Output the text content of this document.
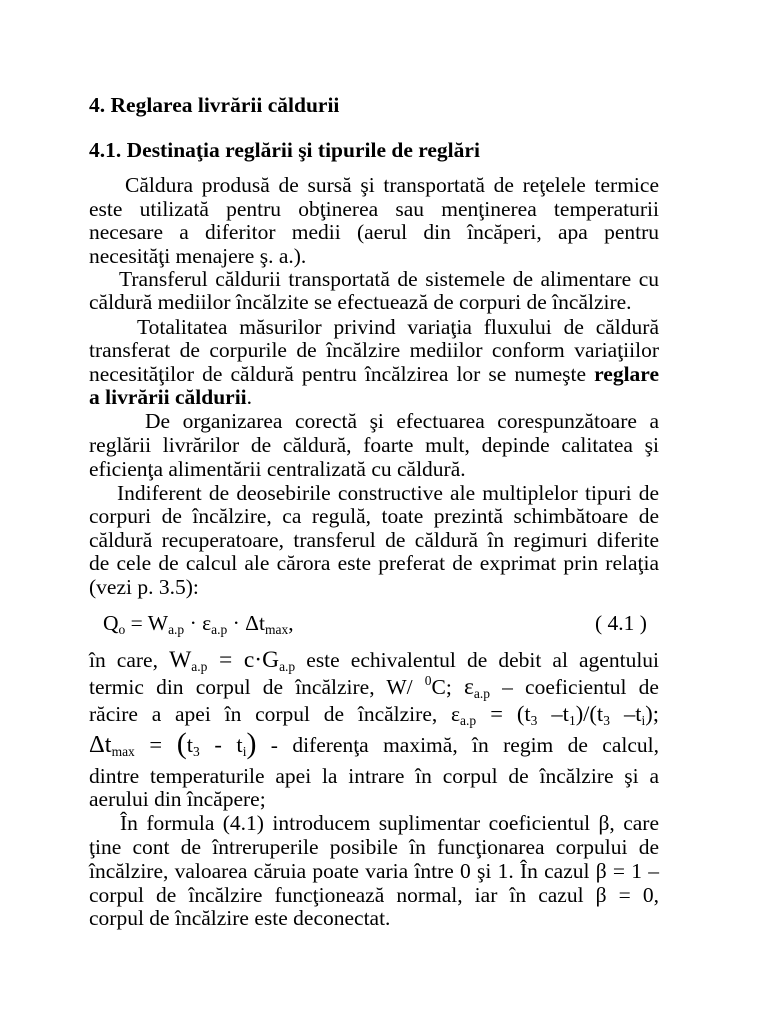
4. Reglarea livrării căldurii
4.1. Destinaţia reglării şi tipurile de reglări
Căldura produsă de sursă şi transportată de reţelele termice
este utilizată pentru obţinerea sau menţinerea temperaturii
necesare a diferitor medii (aerul din încăperi, apa pentru
necesităţi menajere ş. a.).
Transferul căldurii transportată de sistemele de alimentare cu
căldură mediilor încălzite se efectuează de corpuri de încălzire.
Totalitatea măsurilor privind variaţia fluxului de căldură
transferat de corpurile de încălzire mediilor conform variaţiilor
necesităţilor de căldură pentru încălzirea lor se numeşte reglare
a livrării căldurii.
De organizarea corectă şi efectuarea corespunzătoare a
reglării livrărilor de căldură, foarte mult, depinde calitatea şi
eficienţa alimentării centralizată cu căldură.
Indiferent de deosebirile constructive ale multiplelor tipuri de
corpuri de încălzire, ca regulă, toate prezintă schimbătoare de
căldură recuperatoare, transferul de căldură în regimuri diferite
de cele de calcul ale cărora este preferat de exprimat prin relaţia
(vezi p. 3.5):
Qo = Wa.p · εa.p · Δtmax,	( 4.1 )
în care, Wa.p = c·Ga.p este echivalentul de debit al agentului
termic din corpul de încălzire, W/ $^0$C; εa.p – coeficientul de
răcire a apei în corpul de încălzire, εa.p = (t3 –t1)/(t3 –ti);
Δtmax = (t3 - ti) - diferenţa maximă, în regim de calcul,
dintre temperaturile apei la intrare în corpul de încălzire şi a
aerului din încăpere;
În formula (4.1) introducem suplimentar coeficientul β, care
ţine cont de întreruperile posibile în funcţionarea corpului de
încălzire, valoarea căruia poate varia între 0 şi 1. În cazul β = 1 –
corpul de încălzire funcţionează normal, iar în cazul β = 0,
corpul de încălzire este deconectat.
